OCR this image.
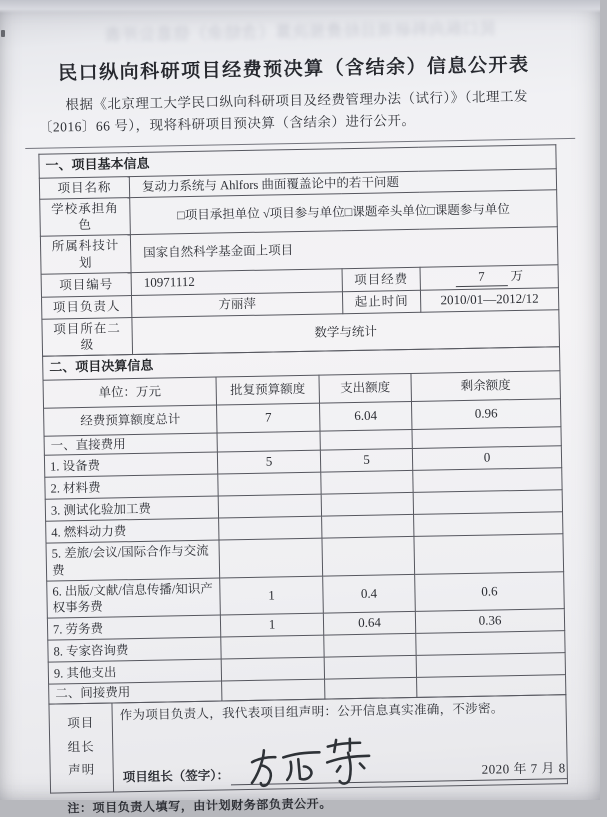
民口纵向科研项目经费预决算（含结余）信息公开表
民口纵向科研项目经费预决算（含结余）信息公开表

根据《北京理工大学民口纵向科研项目及经费管理办法（试行）》（北理工发〔2016〕66 号），现将科研项目预决算（含结余）进行公开。

一、项目基本信息			
项目名称	复动力系统与 Ahlfors 曲面覆盖论中的若干问题		
学校承担角色	□项目承担单位 √项目参与单位□课题牵头单位□课题参与单位		
所属科技计划	国家自然科学基金面上项目		
项目编号	10971112	项目经费	7 万
项目负责人	方丽萍	起止时间	2010/01—2012/12
项目所在二级	数学与统计		
二、项目决算信息			
单位：万元	批复预算额度	支出额度	剩余额度
经费预算额度总计	7	6.04	0.96
一、直接费用			
1. 设备费	5	5	0
2. 材料费			
3. 测试化验加工费			
4. 燃料动力费			
5. 差旅/会议/国际合作与交流费			
6. 出版/文献/信息传播/知识产权事务费	1	0.4	0.6
7. 劳务费	1	0.64	0.36
8. 专家咨询费			
9. 其他支出			
二、间接费用			
项目
组长
声明

作为项目负责人，我代表项目组声明：公开信息真实准确，不涉密。
项目组长（签字）：
2020 年 7 月 8

注：项目负责人填写，由计划财务部负责公开。
